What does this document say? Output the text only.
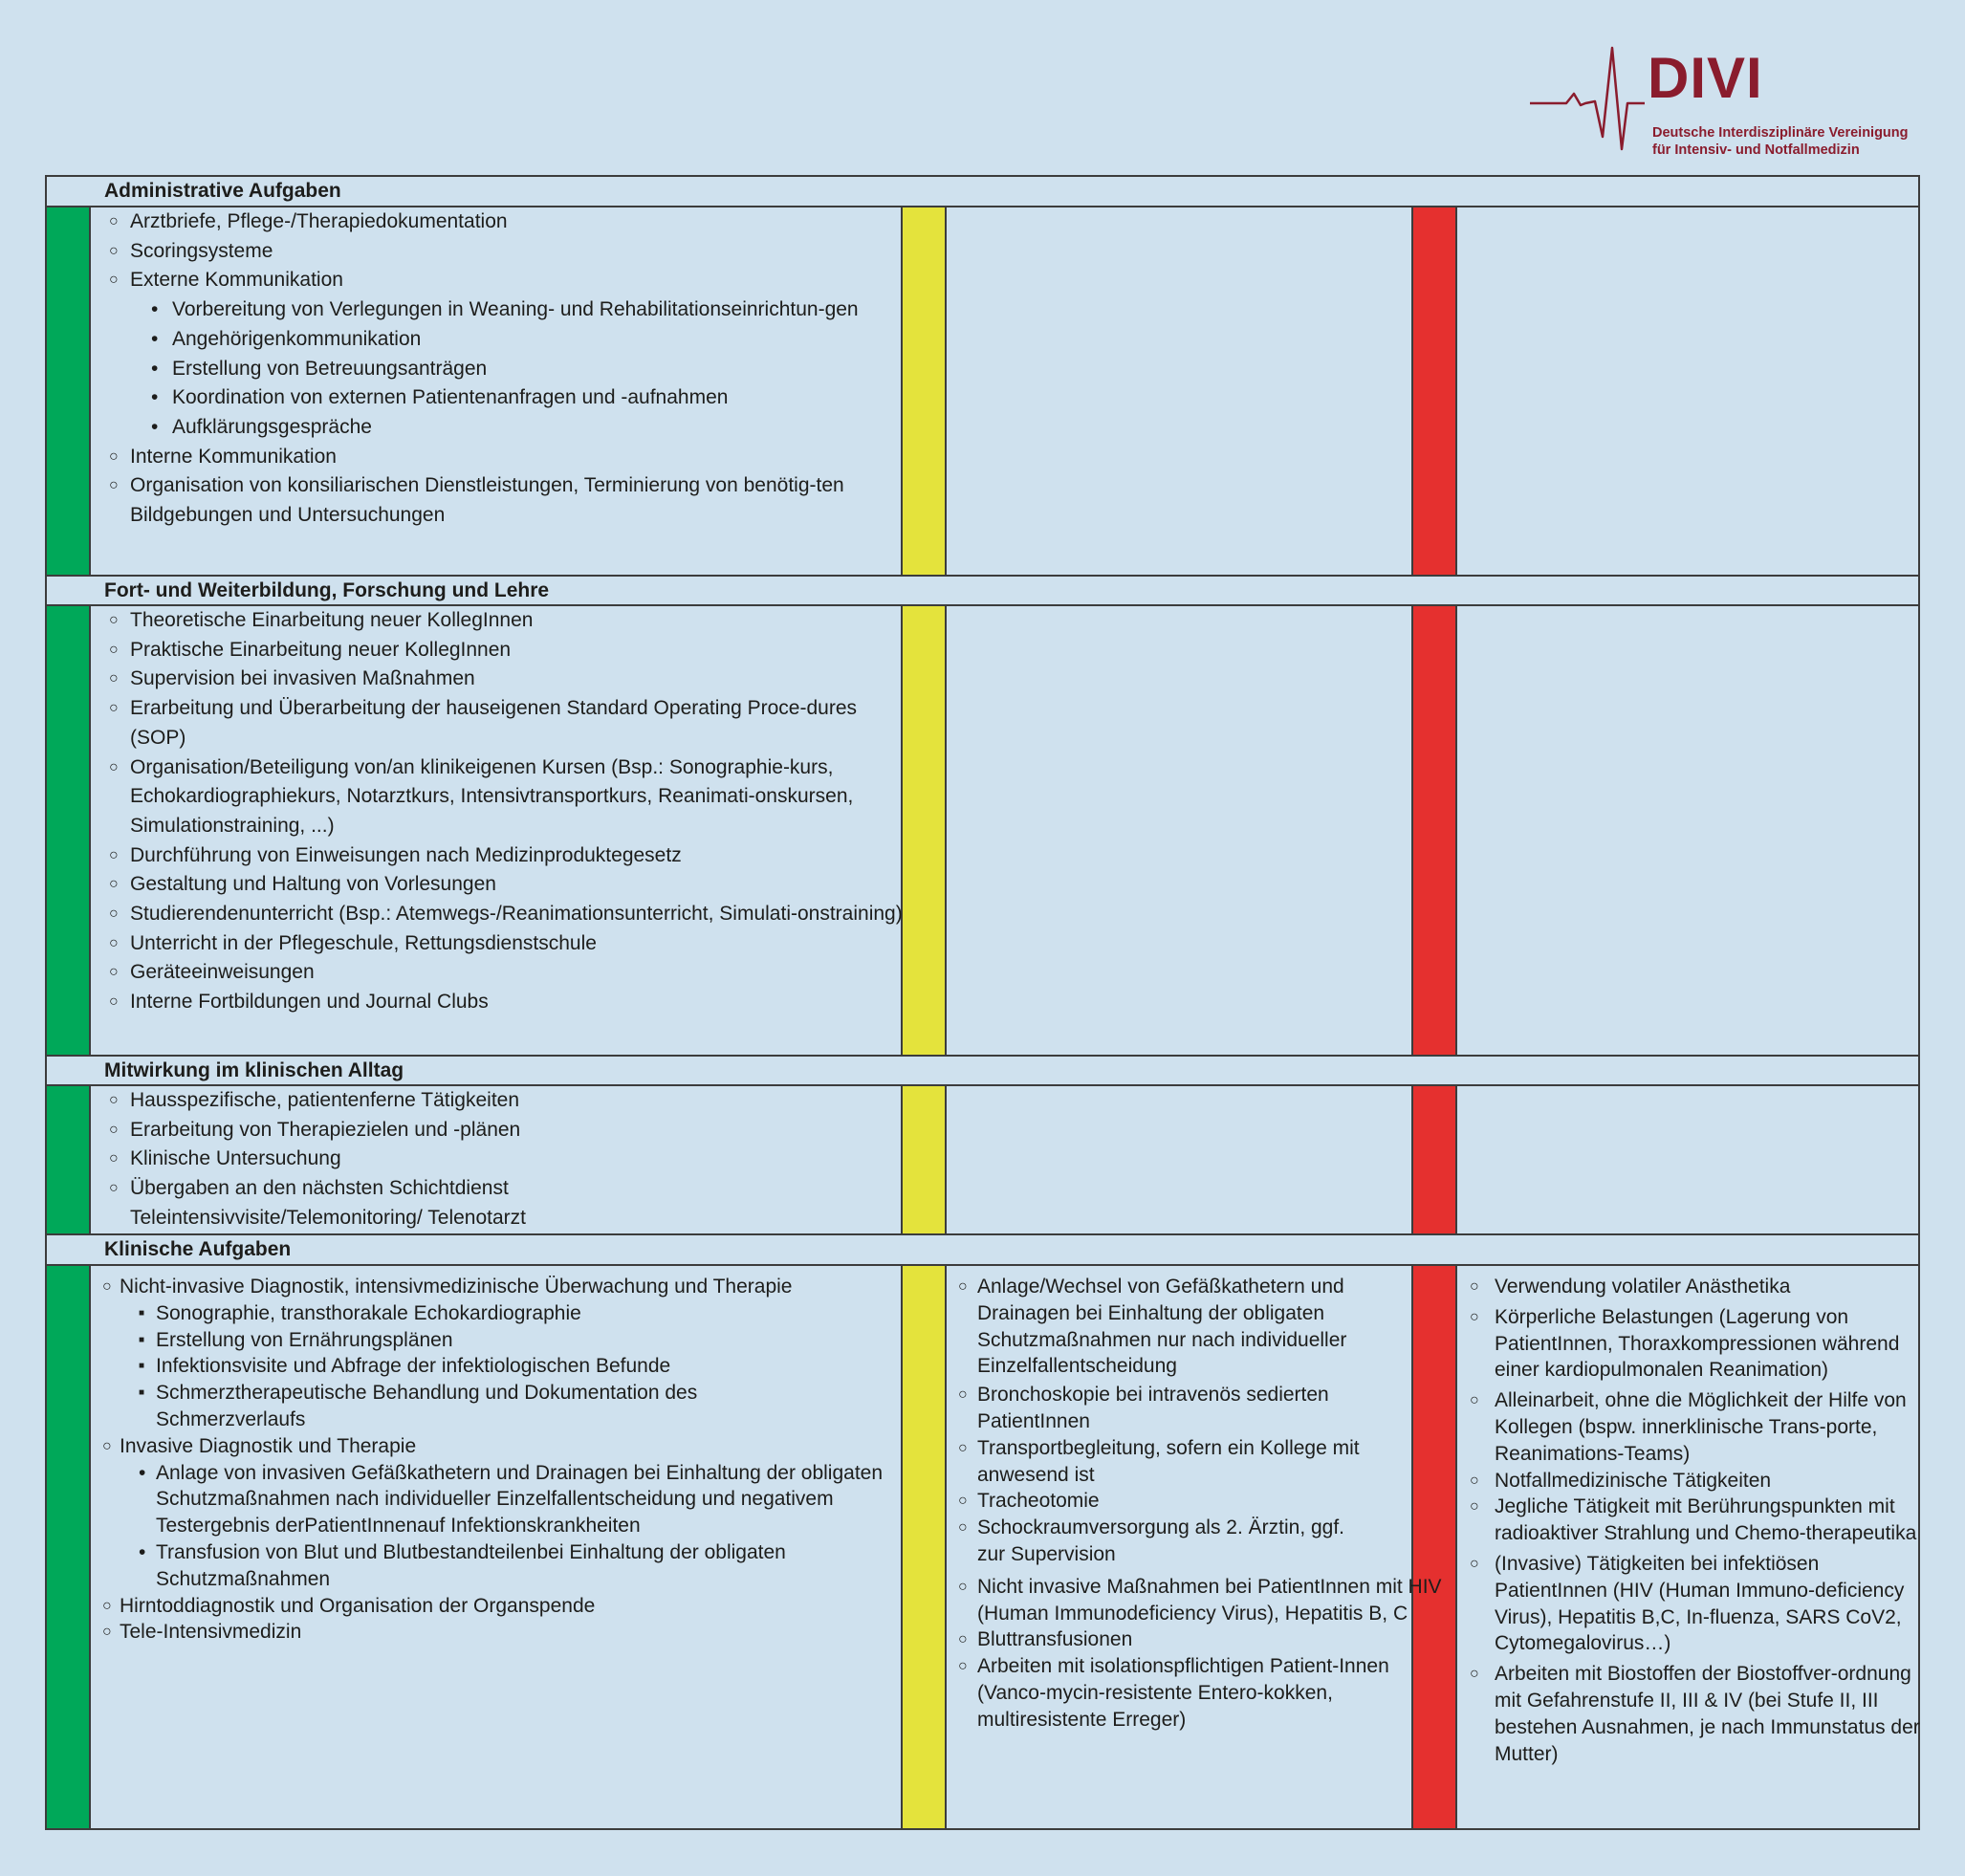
DIVI
Deutsche Interdisziplinäre Vereinigung
für Intensiv- und Notfallmedizin
Administrative Aufgaben
○ Arztbriefe, Pflege-/Therapiedokumentation
○ Scoringsysteme
○ Externe Kommunikation
• Vorbereitung von Verlegungen in Weaning- und Rehabilitationseinrichtun-gen
• Angehörigenkommunikation
• Erstellung von Betreuungsanträgen
• Koordination von externen Patientenanfragen und -aufnahmen
• Aufklärungsgespräche
○ Interne Kommunikation
○ Organisation von konsiliarischen Dienstleistungen, Terminierung von benötig-ten Bildgebungen und Untersuchungen
Fort- und Weiterbildung, Forschung und Lehre
○ Theoretische Einarbeitung neuer KollegInnen
○ Praktische Einarbeitung neuer KollegInnen
○ Supervision bei invasiven Maßnahmen
○ Erarbeitung und Überarbeitung der hauseigenen Standard Operating Proce-dures (SOP)
○ Organisation/Beteiligung von/an klinikeigenen Kursen (Bsp.: Sonographie-kurs, Echokardiographiekurs, Notarztkurs, Intensivtransportkurs, Reanimati-onskursen, Simulationstraining, ...)
○ Durchführung von Einweisungen nach Medizinproduktegesetz
○ Gestaltung und Haltung von Vorlesungen
○ Studierendenunterricht (Bsp.: Atemwegs-/Reanimationsunterricht, Simulati-onstraining)
○ Unterricht in der Pflegeschule, Rettungsdienstschule
○ Geräteeinweisungen
○ Interne Fortbildungen und Journal Clubs
Mitwirkung im klinischen Alltag
○ Hausspezifische, patientenferne Tätigkeiten
○ Erarbeitung von Therapiezielen und -plänen
○ Klinische Untersuchung
○ Übergaben an den nächsten Schichtdienst Teleintensivvisite/Telemonitoring/ Telenotarzt
Klinische Aufgaben
○ Nicht-invasive Diagnostik, intensivmedizinische Überwachung und Therapie
■ Sonographie, transthorakale Echokardiographie
■ Erstellung von Ernährungsplänen
■ Infektionsvisite und Abfrage der infektiologischen Befunde
■ Schmerztherapeutische Behandlung und Dokumentation des Schmerzverlaufs
○ Invasive Diagnostik und Therapie
• Anlage von invasiven Gefäßkathetern und Drainagen bei Einhaltung der obligaten Schutzmaßnahmen nach individueller Einzelfallentscheidung und negativem Testergebnis derPatientInnenauf Infektionskrankheiten
• Transfusion von Blut und Blutbestandteilenbei Einhaltung der obligaten Schutzmaßnahmen
○ Hirntoddiagnostik und Organisation der Organspende
○ Tele-Intensivmedizin
○ Anlage/Wechsel von Gefäßkathetern und Drainagen bei Einhaltung der obligaten Schutzmaßnahmen nur nach individueller Einzelfallentscheidung
○ Bronchoskopie bei intravenös sedierten PatientInnen
○ Transportbegleitung, sofern ein Kollege mit anwesend ist
○ Tracheotomie
○ Schockraumversorgung als 2. Ärztin, ggf. zur Supervision
○ Nicht invasive Maßnahmen bei PatientInnen mit HIV (Human Immunodeficiency Virus), Hepatitis B, C
○ Bluttransfusionen
○ Arbeiten mit isolationspflichtigen Patient-Innen (Vanco-mycin-resistente Entero-kokken, multiresistente Erreger)
○ Verwendung volatiler Anästhetika
○ Körperliche Belastungen (Lagerung von PatientInnen, Thoraxkompressionen während einer kardiopulmonalen Reanimation)
○ Alleinarbeit, ohne die Möglichkeit der Hilfe von Kollegen (bspw. innerklinische Trans-porte, Reanimations-Teams)
○ Notfallmedizinische Tätigkeiten
○ Jegliche Tätigkeit mit Berührungspunkten mit radioaktiver Strahlung und Chemo-therapeutika
○ (Invasive) Tätigkeiten bei infektiösen PatientInnen (HIV (Human Immuno-deficiency Virus), Hepatitis B,C, In-fluenza, SARS CoV2, Cytomegalovirus…)
○ Arbeiten mit Biostoffen der Biostoffver-ordnung mit Gefahrenstufe II, III & IV (bei Stufe II, III bestehen Ausnahmen, je nach Immunstatus der Mutter)
